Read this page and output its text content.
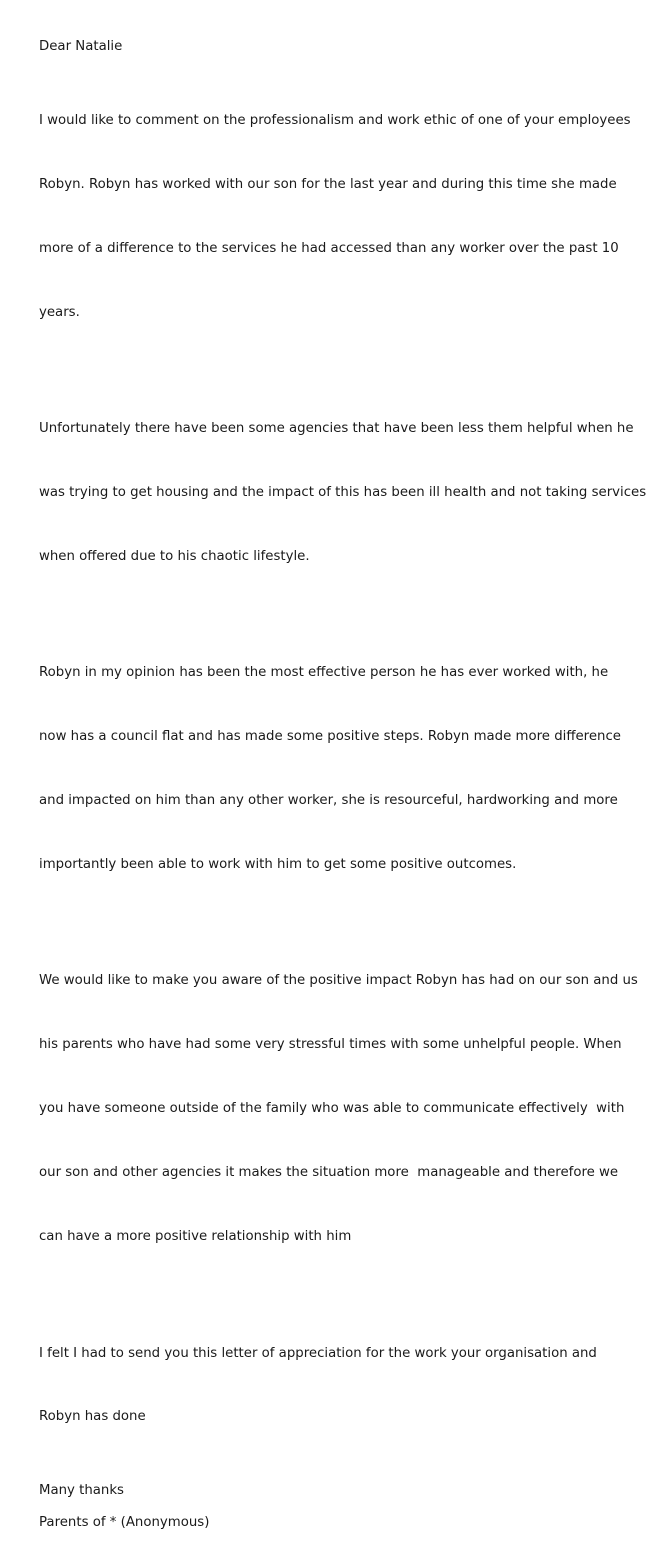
Dear Natalie

I would like to comment on the professionalism and work ethic of one of your employees

Robyn. Robyn has worked with our son for the last year and during this time she made

more of a difference to the services he had accessed than any worker over the past 10

years.

Unfortunately there have been some agencies that have been less them helpful when he

was trying to get housing and the impact of this has been ill health and not taking services

when offered due to his chaotic lifestyle.

Robyn in my opinion has been the most effective person he has ever worked with, he

now has a council flat and has made some positive steps. Robyn made more difference

and impacted on him than any other worker, she is resourceful, hardworking and more

importantly been able to work with him to get some positive outcomes.

We would like to make you aware of the positive impact Robyn has had on our son and us

his parents who have had some very stressful times with some unhelpful people. When

you have someone outside of the family who was able to communicate effectively  with

our son and other agencies it makes the situation more  manageable and therefore we

can have a more positive relationship with him

I felt I had to send you this letter of appreciation for the work your organisation and

Robyn has done

Many thanks

Parents of * (Anonymous)
